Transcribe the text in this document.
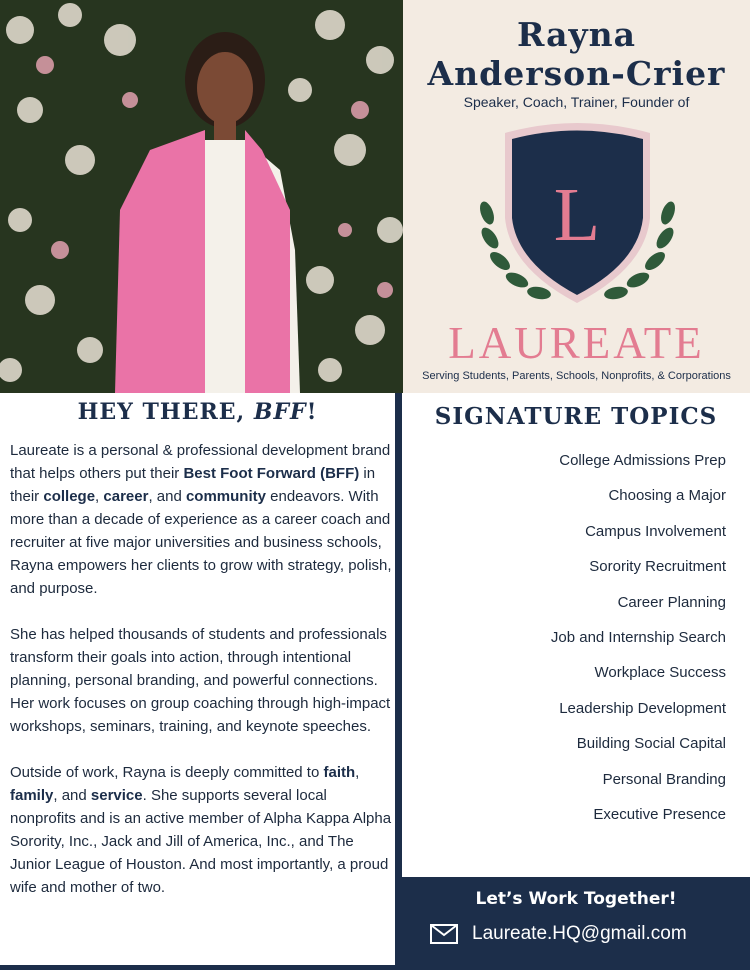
Rayna
Anderson-Crier
Speaker, Coach, Trainer, Founder of
L
LAUREATE
Serving Students, Parents, Schools, Nonprofits, & Corporations
HEY THERE, BFF!

Laureate is a personal & professional development brand that helps others put their Best Foot Forward (BFF) in their college, career, and community endeavors. With more than a decade of experience as a career coach and recruiter at five major universities and business schools, Rayna empowers her clients to grow with strategy, polish, and purpose.

She has helped thousands of students and professionals transform their goals into action, through intentional planning, personal branding, and powerful connections. Her work focuses on group coaching through high-impact workshops, seminars, training, and keynote speeches.

Outside of work, Rayna is deeply committed to faith, family, and service. She supports several local nonprofits and is an active member of Alpha Kappa Alpha Sorority, Inc., Jack and Jill of America, Inc., and The Junior League of Houston. And most importantly, a proud wife and mother of two.

SIGNATURE TOPICS
College Admissions Prep
Choosing a Major
Campus Involvement
Sorority Recruitment
Career Planning
Job and Internship Search
Workplace Success
Leadership Development
Building Social Capital
Personal Branding
Executive Presence
Let’s Work Together!
Laureate.HQ@gmail.com
